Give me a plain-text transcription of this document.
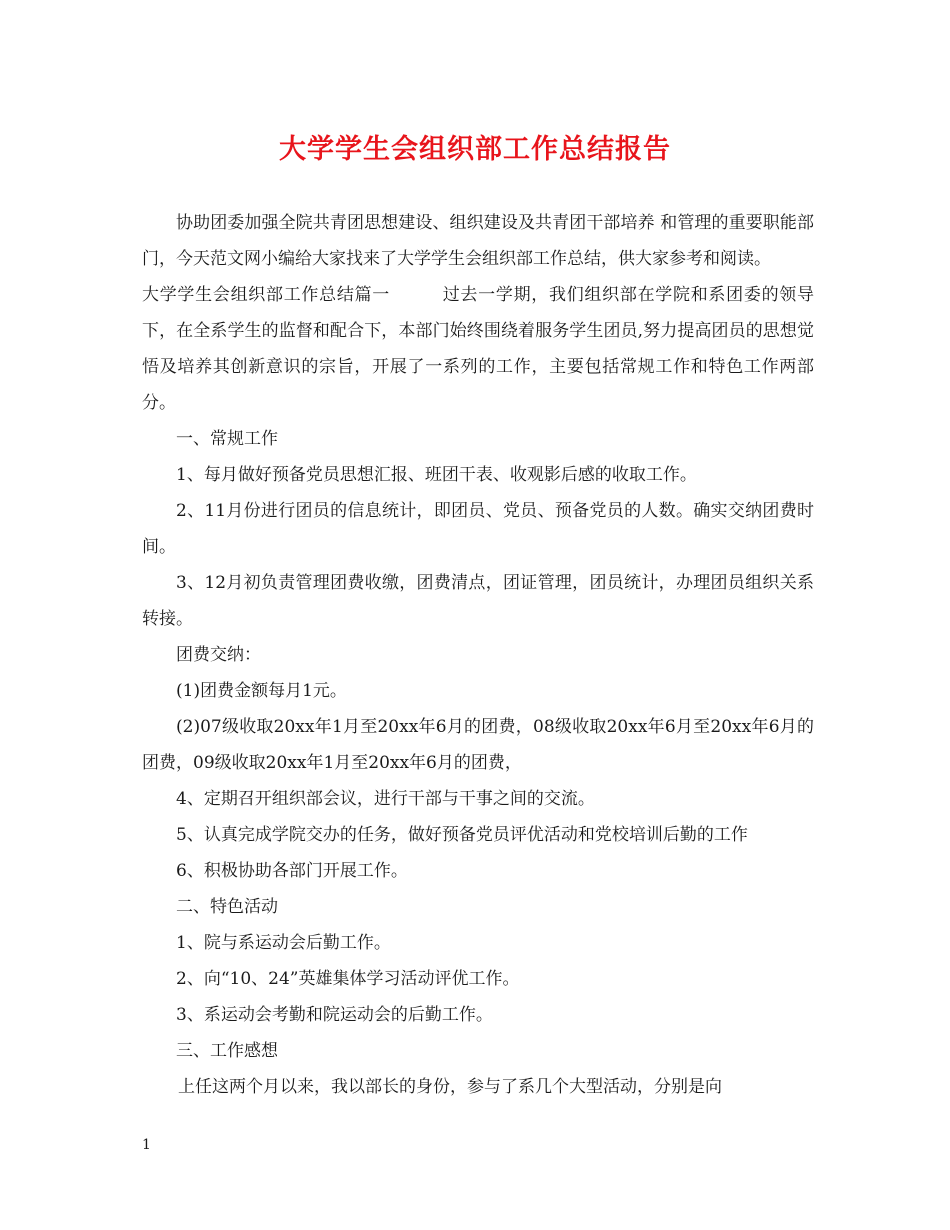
大学学生会组织部工作总结报告

协助团委加强全院共青团思想建设、组织建设及共青团干部培养 和管理的重要职能部门，今天范文网小编给大家找来了大学学生会组织部工作总结，供大家参考和阅读。

大学学生会组织部工作总结篇一	过去一学期，我们组织部在学院和系团委的领导下，在全系学生的监督和配合下，本部门始终围绕着服务学生团员,努力提高团员的思想觉悟及培养其创新意识的宗旨，开展了一系列的工作，主要包括常规工作和特色工作两部分。

一、常规工作

1、每月做好预备党员思想汇报、班团干表、收观影后感的收取工作。

2、11月份进行团员的信息统计，即团员、党员、预备党员的人数。确实交纳团费时间。

3、12月初负责管理团费收缴，团费清点，团证管理，团员统计，办理团员组织关系转接。

团费交纳：

(1)团费金额每月1元。

(2)07级收取20xx年1月至20xx年6月的团费，08级收取20xx年6月至20xx年6月的团费，09级收取20xx年1月至20xx年6月的团费，

4、定期召开组织部会议，进行干部与干事之间的交流。

5、认真完成学院交办的任务，做好预备党员评优活动和党校培训后勤的工作

6、积极协助各部门开展工作。

二、特色活动

1、院与系运动会后勤工作。

2、向“10、24”英雄集体学习活动评优工作。

3、系运动会考勤和院运动会的后勤工作。

三、工作感想

上任这两个月以来，我以部长的身份，参与了系几个大型活动，分别是向

1
